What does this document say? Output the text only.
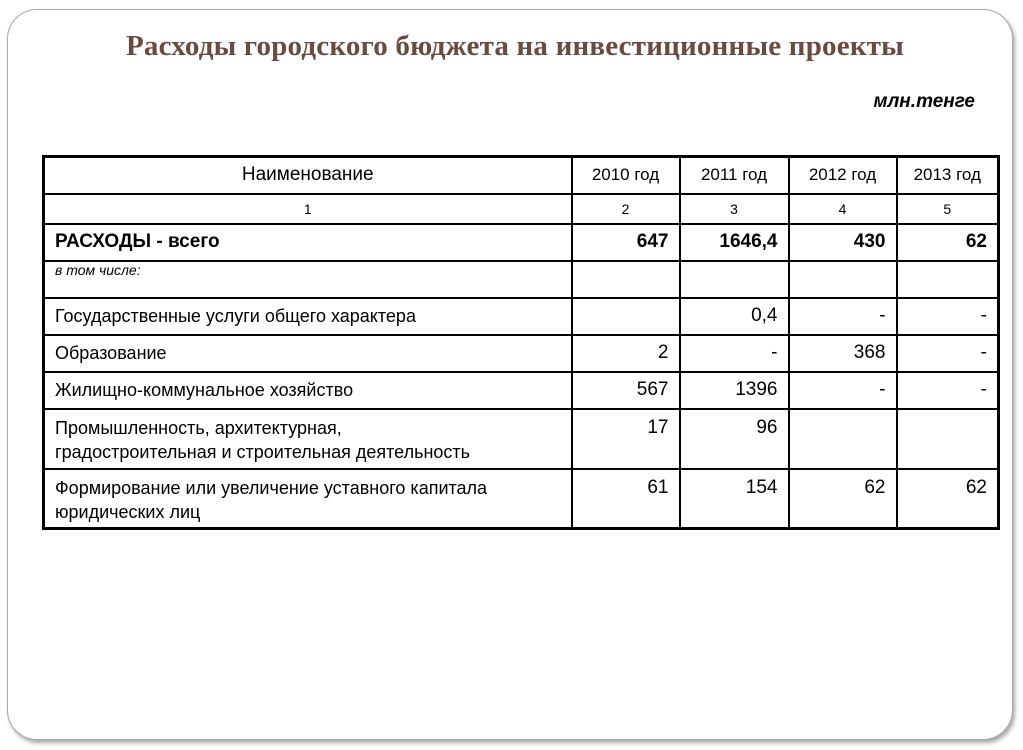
Расходы городского бюджета на инвестиционные проекты
млн.тенге
Наименование	2010 год	2011 год	2012 год	2013 год
1	2	3	4	5
РАСХОДЫ - всего	647	1646,4	430	62
в том числе:				
Государственные услуги общего характера		0,4	-	-
Образование	2	-	368	-
Жилищно-коммунальное хозяйство	567	1396	-	-

Промышленность, архитектурная,
градостроительная и строительная деятельность	17	96		

Формирование или увеличение уставного капитала
юридических лиц	61	154	62	62
